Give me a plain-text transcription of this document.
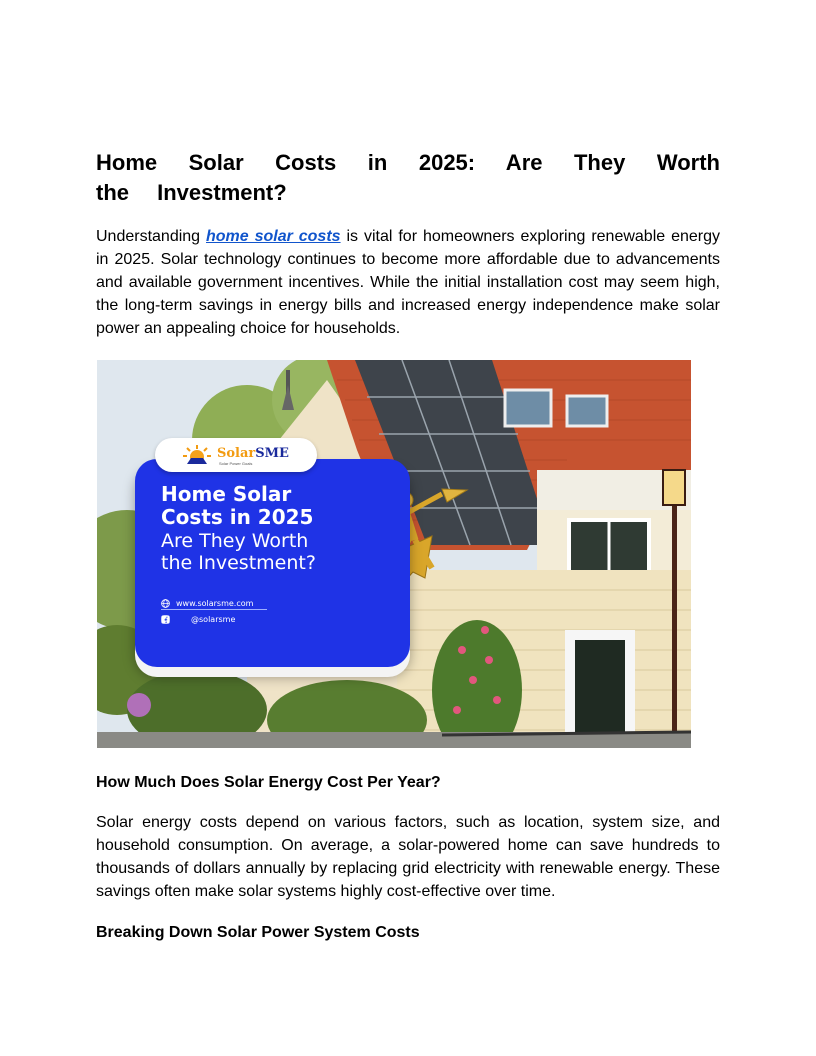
Home Solar Costs in 2025: Are They Worth the Investment?

Understanding home solar costs is vital for homeowners exploring renewable energy in 2025. Solar technology continues to become more affordable due to advancements and available government incentives. While the initial installation cost may seem high, the long-term savings in energy bills and increased energy independence make solar power an appealing choice for households.

Home Solar
Costs in 2025
Are They Worth
the Investment?
www.solarsme.com
@solarsme
SolarSME
Solar Power Goals
How Much Does Solar Energy Cost Per Year?

Solar energy costs depend on various factors, such as location, system size, and household consumption. On average, a solar-powered home can save hundreds to thousands of dollars annually by replacing grid electricity with renewable energy. These savings often make solar systems highly cost-effective over time.

Breaking Down Solar Power System Costs
